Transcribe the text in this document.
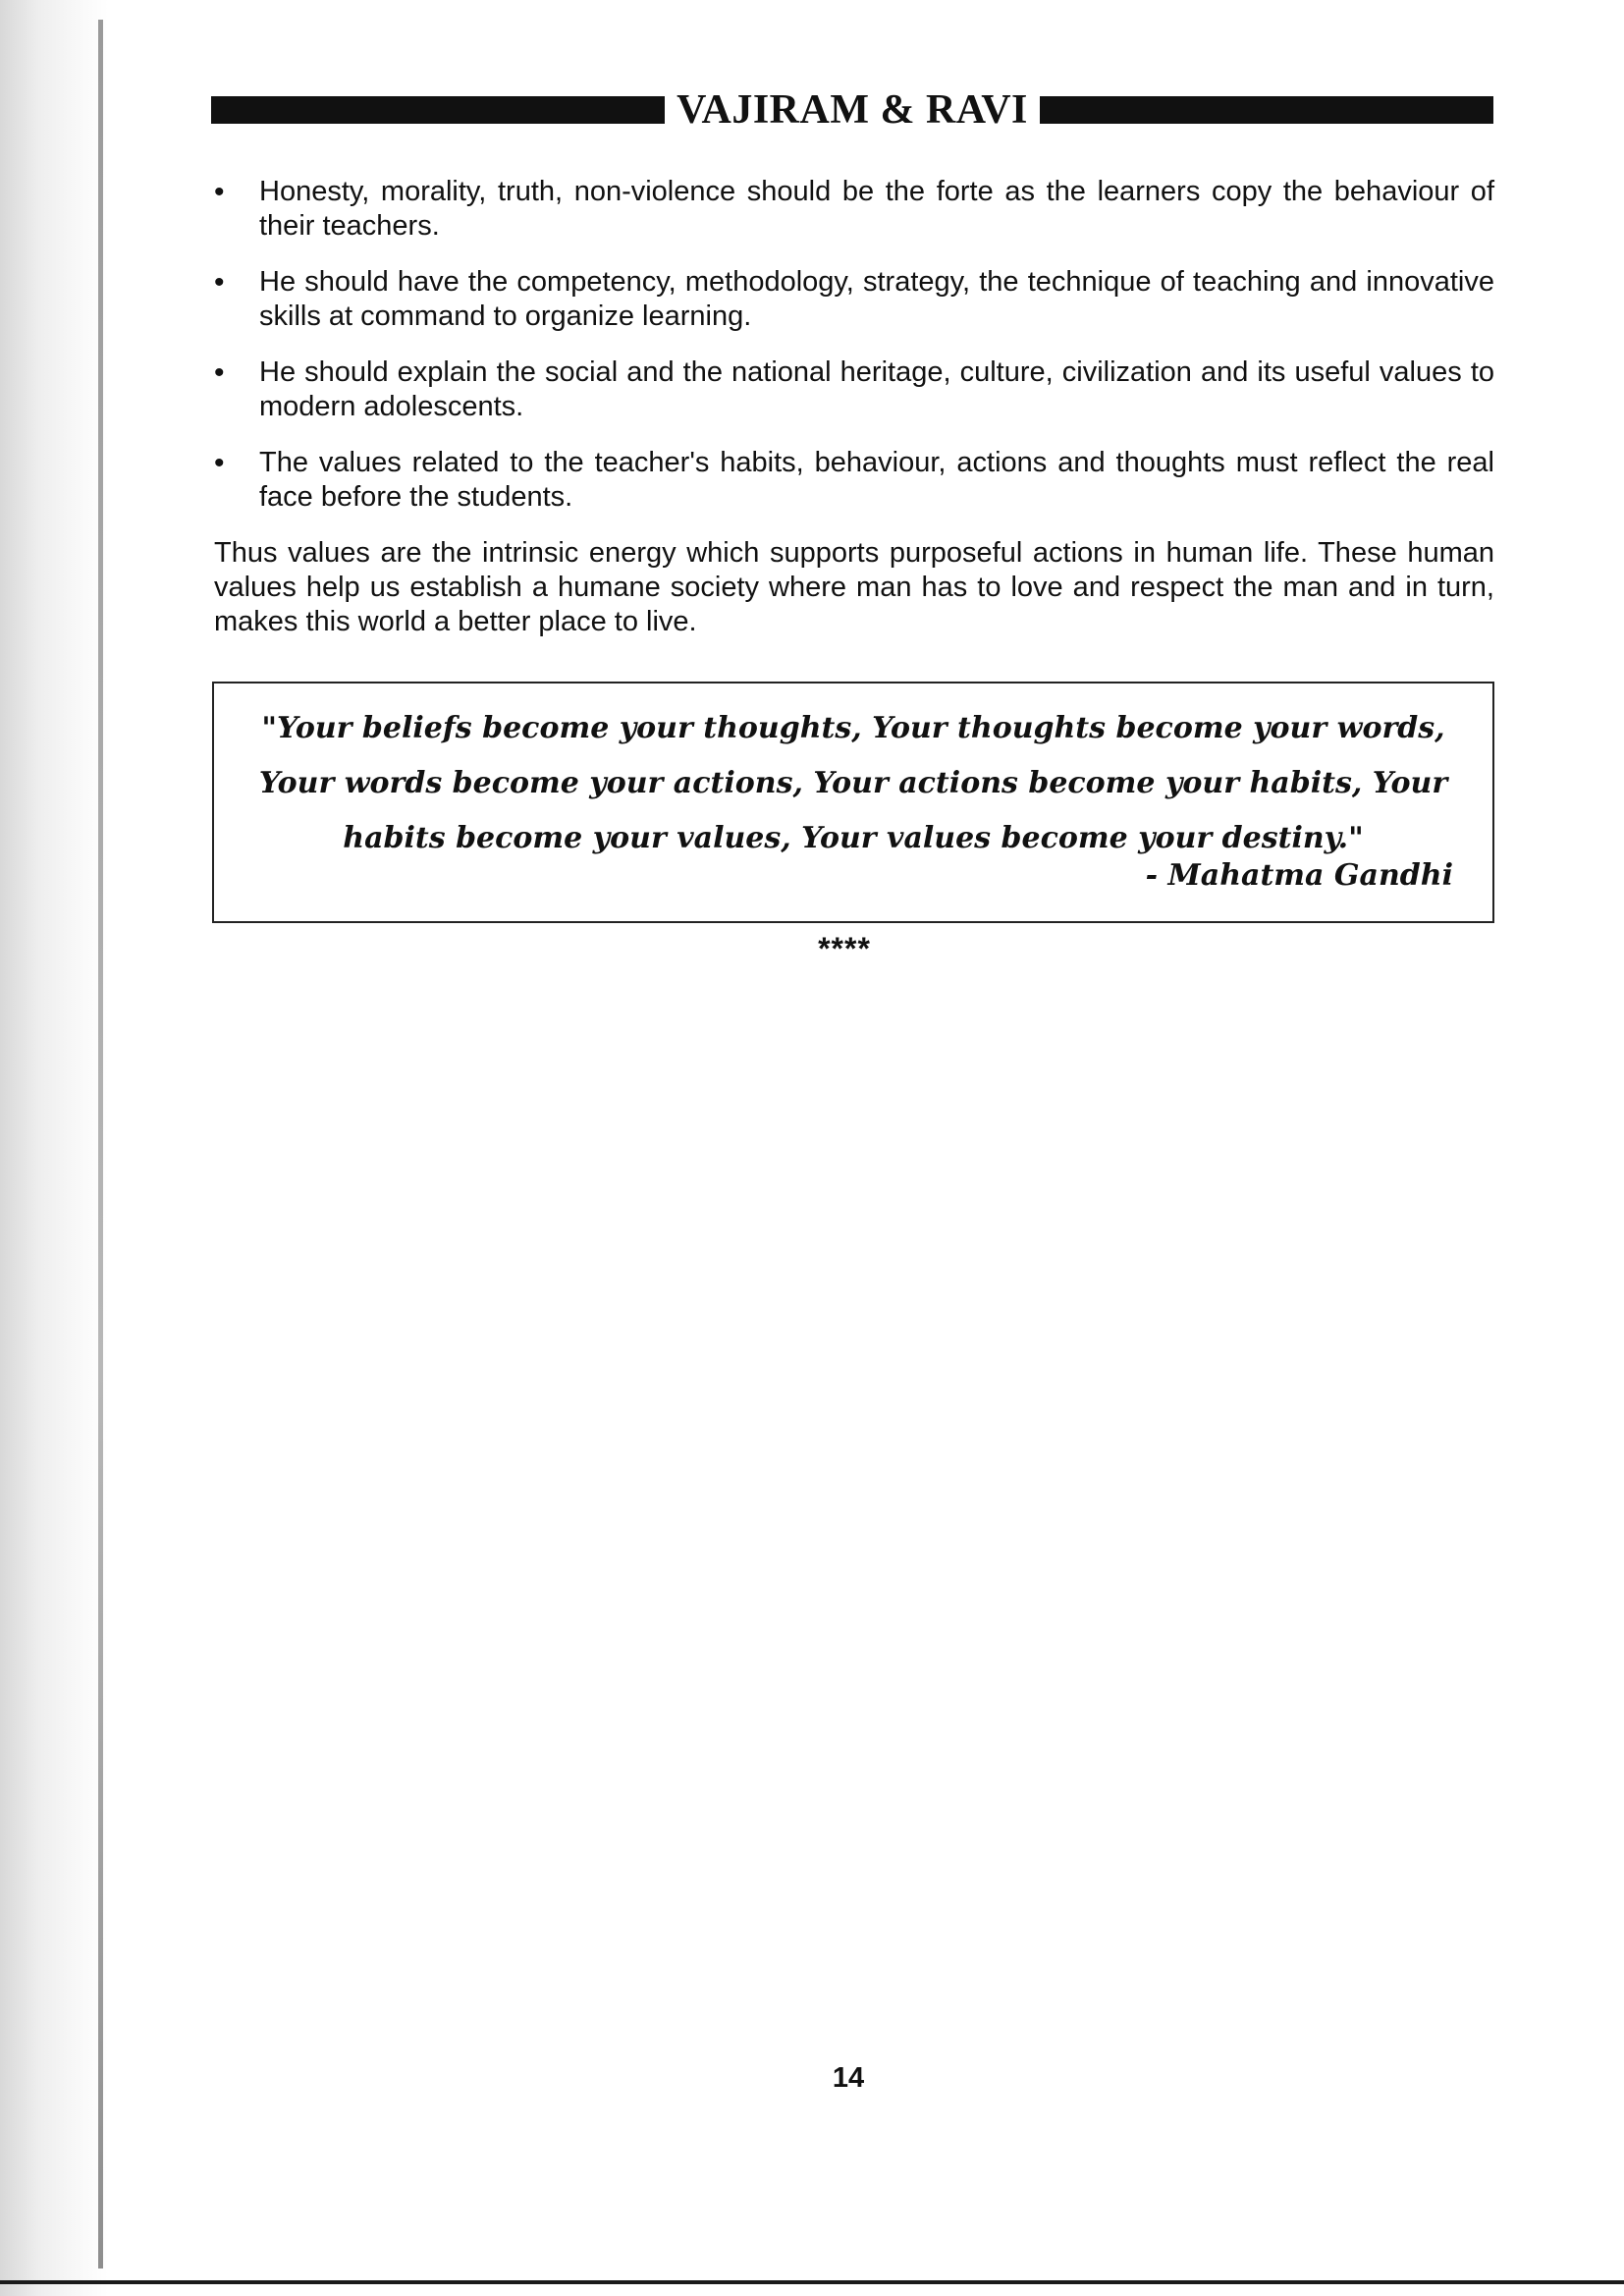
VAJIRAM & RAVI
•	Honesty, morality, truth, non-violence should be the forte as the learners copy the behaviour of their teachers.
•	He should have the competency, methodology, strategy, the technique of teaching and innovative skills at command to organize learning.
•	He should explain the social and the national heritage, culture, civilization and its useful values to modern adolescents.
•	The values related to the teacher's habits, behaviour, actions and thoughts must reflect the real face before the students.

Thus values are the intrinsic energy which supports purposeful actions in human life. These human values help us establish a humane society where man has to love and respect the man and in turn, makes this world a better place to live.

"Your beliefs become your thoughts, Your thoughts become your words, Your words become your actions, Your actions become your habits, Your habits become your values, Your values become your destiny."
- Mahatma Gandhi
****
14
